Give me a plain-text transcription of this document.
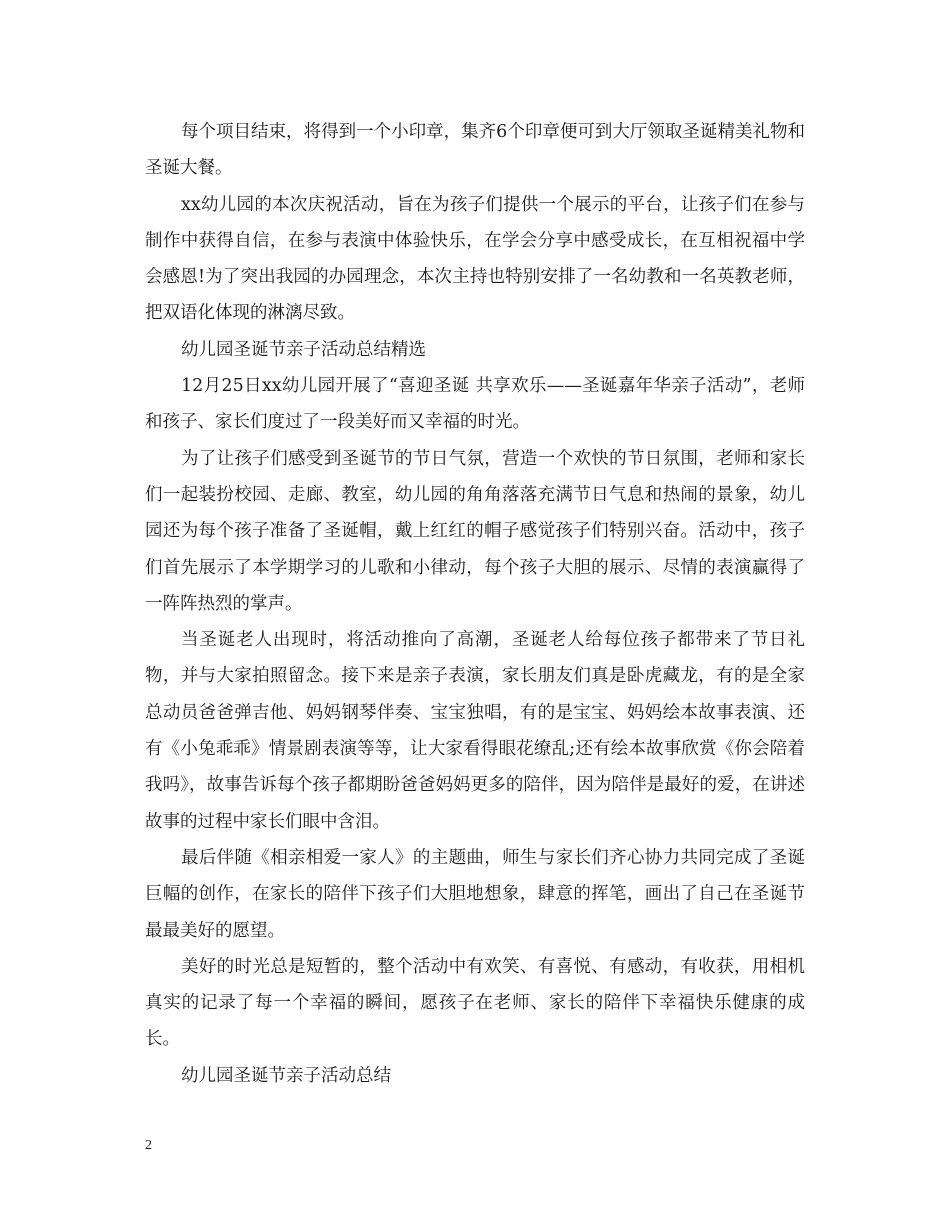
每个项目结束，将得到一个小印章，集齐6个印章便可到大厅领取圣诞精美礼物和圣诞大餐。

xx幼儿园的本次庆祝活动，旨在为孩子们提供一个展示的平台，让孩子们在参与制作中获得自信，在参与表演中体验快乐，在学会分享中感受成长，在互相祝福中学会感恩!为了突出我园的办园理念，本次主持也特别安排了一名幼教和一名英教老师，把双语化体现的淋漓尽致。

幼儿园圣诞节亲子活动总结精选

12月25日xx幼儿园开展了“喜迎圣诞 共享欢乐——圣诞嘉年华亲子活动”，老师和孩子、家长们度过了一段美好而又幸福的时光。

为了让孩子们感受到圣诞节的节日气氛，营造一个欢快的节日氛围，老师和家长们一起装扮校园、走廊、教室，幼儿园的角角落落充满节日气息和热闹的景象，幼儿园还为每个孩子准备了圣诞帽，戴上红红的帽子感觉孩子们特别兴奋。活动中，孩子们首先展示了本学期学习的儿歌和小律动，每个孩子大胆的展示、尽情的表演赢得了一阵阵热烈的掌声。

当圣诞老人出现时，将活动推向了高潮，圣诞老人给每位孩子都带来了节日礼物，并与大家拍照留念。接下来是亲子表演，家长朋友们真是卧虎藏龙，有的是全家总动员爸爸弹吉他、妈妈钢琴伴奏、宝宝独唱，有的是宝宝、妈妈绘本故事表演、还有《小兔乖乖》情景剧表演等等，让大家看得眼花缭乱;还有绘本故事欣赏《你会陪着我吗》，故事告诉每个孩子都期盼爸爸妈妈更多的陪伴，因为陪伴是最好的爱，在讲述故事的过程中家长们眼中含泪。

最后伴随《相亲相爱一家人》的主题曲，师生与家长们齐心协力共同完成了圣诞巨幅的创作，在家长的陪伴下孩子们大胆地想象，肆意的挥笔，画出了自己在圣诞节最最美好的愿望。

美好的时光总是短暂的，整个活动中有欢笑、有喜悦、有感动，有收获，用相机真实的记录了每一个幸福的瞬间，愿孩子在老师、家长的陪伴下幸福快乐健康的成长。

幼儿园圣诞节亲子活动总结

2
